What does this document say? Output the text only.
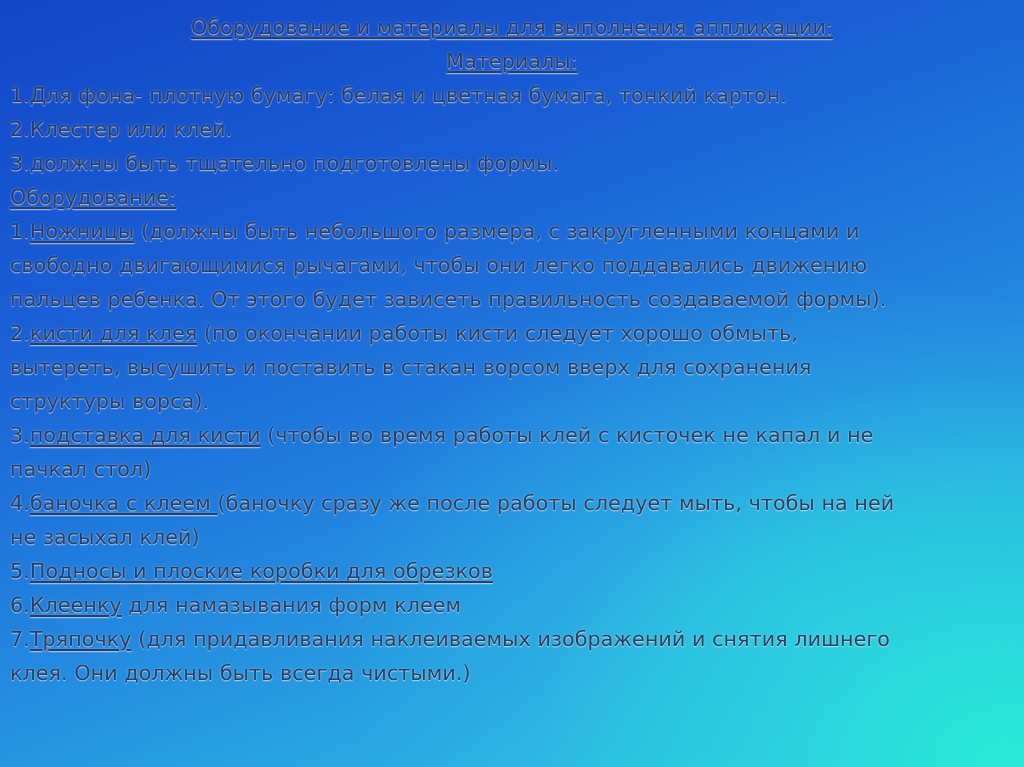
Оборудование и материалы для выполнения аппликации:
Материалы:
1.Для фона- плотную бумагу: белая и цветная бумага, тонкий картон.
2.Клестер или клей.
3.должны быть тщательно подготовлены формы.
Оборудование:
1.Ножницы (должны быть небольшого размера, с закругленными концами и
свободно двигающимися рычагами, чтобы они легко поддавались движению
пальцев ребенка. От этого будет зависеть правильность создаваемой формы).
2.кисти для клея (по окончании работы кисти следует хорошо обмыть,
вытереть, высушить и поставить в стакан ворсом вверх для сохранения
структуры ворса).
3.подставка для кисти (чтобы во время работы клей с кисточек не капал и не
пачкал стол)
4.баночка с клеем (баночку сразу же после работы следует мыть, чтобы на ней
не засыхал клей)
5.Подносы и плоские коробки для обрезков
6.Клеенку для намазывания форм клеем
7.Тряпочку (для придавливания наклеиваемых изображений и снятия лишнего
клея. Они должны быть всегда чистыми.)
